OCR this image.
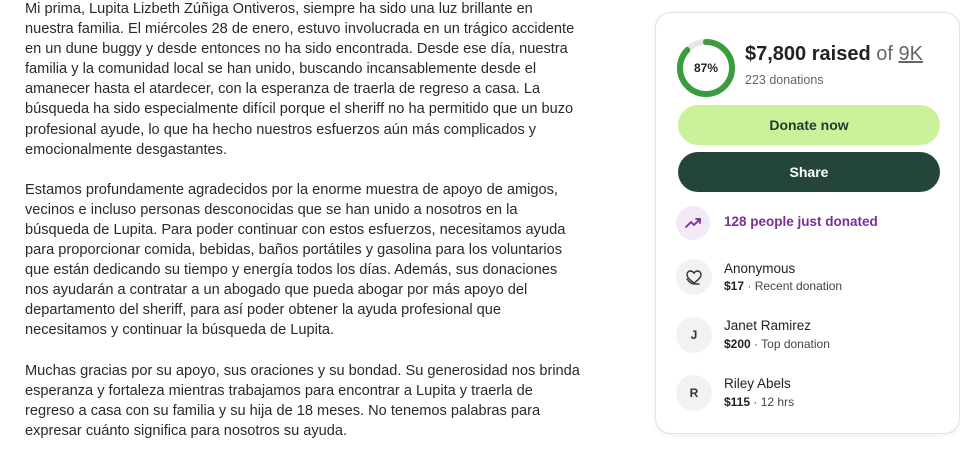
Mi prima, Lupita Lizbeth Zúñiga Ontiveros, siempre ha sido una luz brillante en nuestra familia. El miércoles 28 de enero, estuvo involucrada en un trágico accidente en un dune buggy y desde entonces no ha sido encontrada. Desde ese día, nuestra familia y la comunidad local se han unido, buscando incansablemente desde el amanecer hasta el atardecer, con la esperanza de traerla de regreso a casa. La búsqueda ha sido especialmente difícil porque el sheriff no ha permitido que un buzo profesional ayude, lo que ha hecho nuestros esfuerzos aún más complicados y emocionalmente desgastantes.

Estamos profundamente agradecidos por la enorme muestra de apoyo de amigos, vecinos e incluso personas desconocidas que se han unido a nosotros en la búsqueda de Lupita. Para poder continuar con estos esfuerzos, necesitamos ayuda para proporcionar comida, bebidas, baños portátiles y gasolina para los voluntarios que están dedicando su tiempo y energía todos los días. Además, sus donaciones nos ayudarán a contratar a un abogado que pueda abogar por más apoyo del departamento del sheriff, para así poder obtener la ayuda profesional que necesitamos y continuar la búsqueda de Lupita.

Muchas gracias por su apoyo, sus oraciones y su bondad. Su generosidad nos brinda esperanza y fortaleza mientras trabajamos para encontrar a Lupita y traerla de regreso a casa con su familia y su hija de 18 meses. No tenemos palabras para expresar cuánto significa para nosotros su ayuda.

87%
$7,800 raised of 9K
223 donations
Donate now
Share
128 people just donated
Anonymous
$17 · Recent donation
J
Janet Ramirez
$200 · Top donation
R
Riley Abels
$115 · 12 hrs
